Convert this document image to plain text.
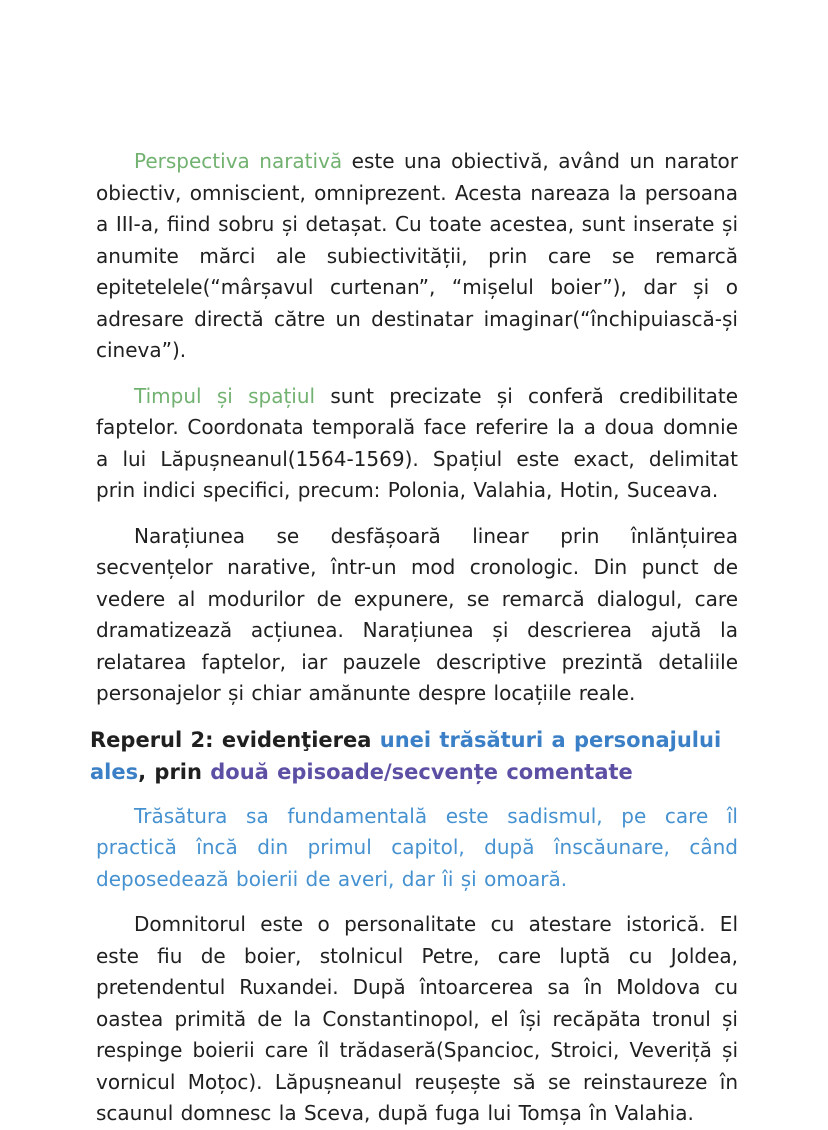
Perspectiva narativă este una obiectivă, având un narator obiectiv, omniscient, omniprezent. Acesta nareaza la persoana a III-a, fiind sobru și detașat. Cu toate acestea, sunt inserate și anumite mărci ale subiectivității, prin care se remarcă epitetelele(“mârșavul curtenan”, “mișelul boier”), dar și o adresare directă către un destinatar imaginar(“închipuiască-și cineva”).

Timpul și spațiul sunt precizate și conferă credibilitate faptelor. Coordonata temporală face referire la a doua domnie a lui Lăpușneanul(1564-1569). Spațiul este exact, delimitat prin indici specifici, precum: Polonia, Valahia, Hotin, Suceava.

Narațiunea se desfășoară linear prin înlănțuirea secvențelor narative, într-un mod cronologic. Din punct de vedere al modurilor de expunere, se remarcă dialogul, care dramatizează acțiunea. Narațiunea și descrierea ajută la relatarea faptelor, iar pauzele descriptive prezintă detaliile personajelor și chiar amănunte despre locațiile reale.

Reperul 2: evidenţierea unei trăsături a personajului ales, prin două episoade/secvențe comentate

Trăsătura sa fundamentală este sadismul, pe care îl practică încă din primul capitol, după înscăunare, când deposedează boierii de averi, dar îi și omoară.

Domnitorul este o personalitate cu atestare istorică. El este fiu de boier, stolnicul Petre, care luptă cu Joldea, pretendentul Ruxandei. După întoarcerea sa în Moldova cu oastea primită de la Constantinopol, el își recăpăta tronul și respinge boierii care îl trădaseră(Spancioc, Stroici, Veveriță și vornicul Moțoc). Lăpușneanul reușește să se reinstaureze în scaunul domnesc la Sceva, după fuga lui Tomșa în Valahia.
